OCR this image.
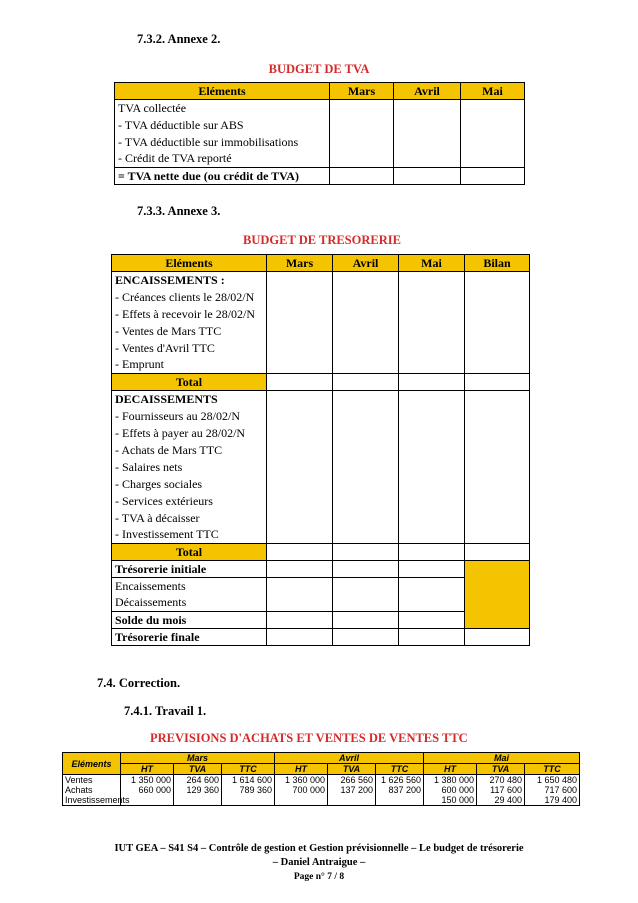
7.3.2. Annexe 2.
BUDGET DE TVA
Eléments	Mars	Avril	Mai
TVA collectée			
- TVA déductible sur ABS			
- TVA déductible sur immobilisations			
- Crédit de TVA reporté			
= TVA nette due (ou crédit de TVA)			
7.3.3. Annexe 3.
BUDGET DE TRESORERIE
Eléments	Mars	Avril	Mai	Bilan
ENCAISSEMENTS :				
- Créances clients le 28/02/N				
- Effets à recevoir le 28/02/N				
- Ventes de Mars TTC				
- Ventes d'Avril TTC				
- Emprunt				
Total				
DECAISSEMENTS				
- Fournisseurs au 28/02/N				
- Effets à payer au 28/02/N				
- Achats de Mars TTC				
- Salaires nets				
- Charges sociales				
- Services extérieurs				
- TVA à décaisser				
- Investissement TTC				
Total				
Trésorerie initiale				
Encaissements				
Décaissements				
Solde du mois				
Trésorerie finale				
7.4. Correction.
7.4.1. Travail 1.
PREVISIONS D'ACHATS ET VENTES DE VENTES TTC
Eléments	Mars			Avril			Mai		
	HT	TVA	TTC	HT	TVA	TTC	HT	TVA	TTC
Ventes	1 350 000	264 600	1 614 600	1 360 000	266 560	1 626 560	1 380 000	270 480	1 650 480
Achats	660 000	129 360	789 360	700 000	137 200	837 200	600 000	117 600	717 600
Investissements							150 000	29 400	179 400
IUT GEA – S41 S4 – Contrôle de gestion et Gestion prévisionnelle – Le budget de trésorerie
– Daniel Antraigue –
Page n° 7 / 8
